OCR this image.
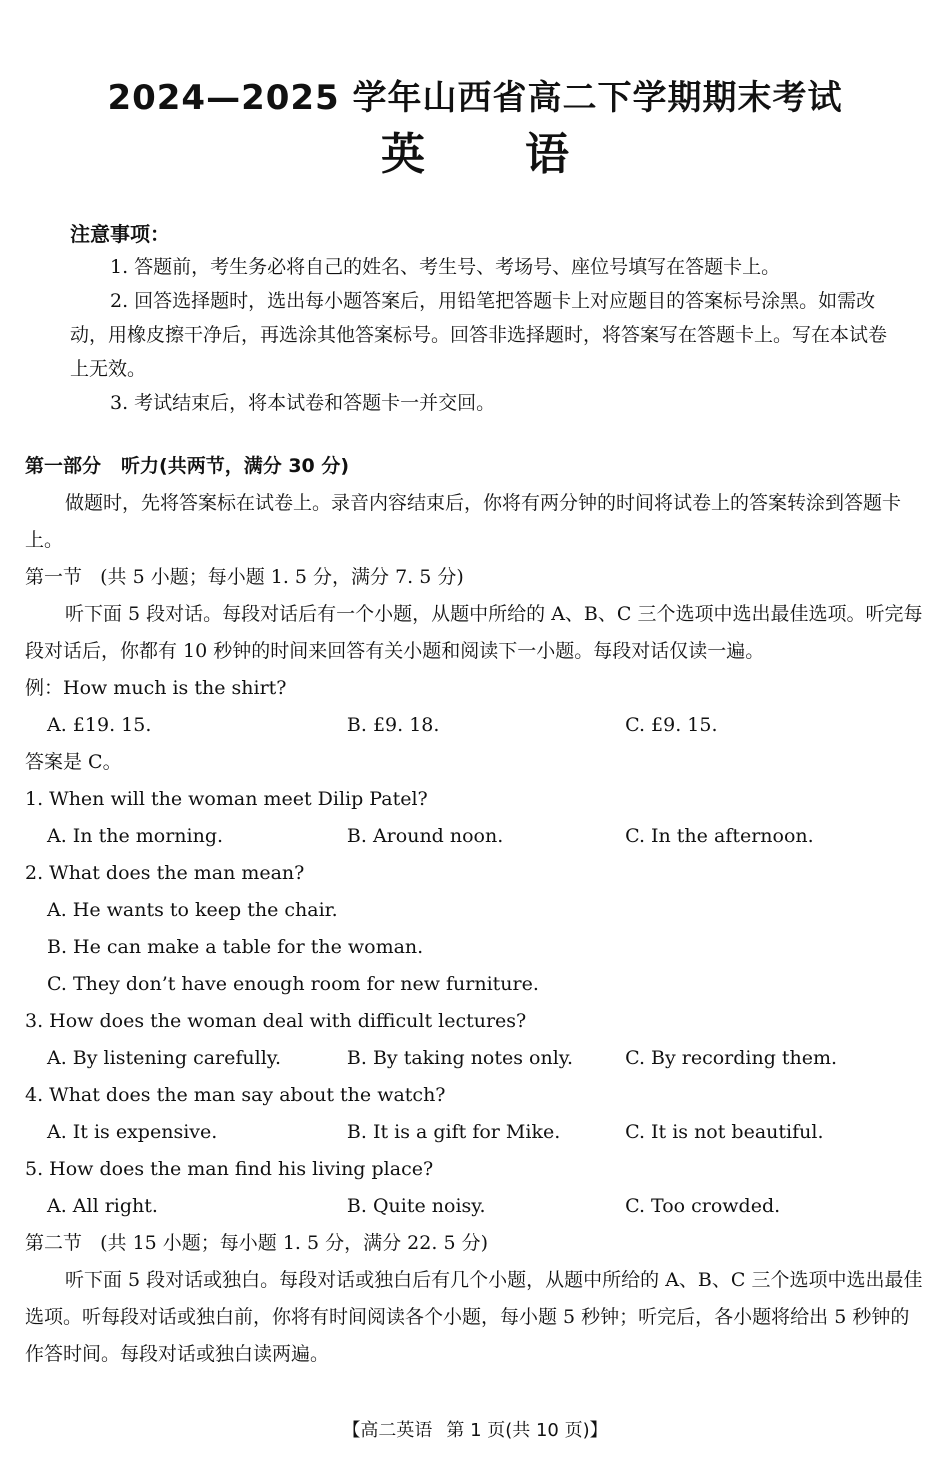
2024—2025 学年山西省高二下学期期末考试
英语
注意事项：

1. 答题前，考生务必将自己的姓名、考生号、考场号、座位号填写在答题卡上。

2. 回答选择题时，选出每小题答案后，用铅笔把答题卡上对应题目的答案标号涂黑。如需改动，用橡皮擦干净后，再选涂其他答案标号。回答非选择题时，将答案写在答题卡上。写在本试卷上无效。

3. 考试结束后，将本试卷和答题卡一并交回。

第一部分 听力(共两节，满分 30 分)

做题时，先将答案标在试卷上。录音内容结束后，你将有两分钟的时间将试卷上的答案转涂到答题卡上。

第一节 (共 5 小题；每小题 1. 5 分，满分 7. 5 分)

听下面 5 段对话。每段对话后有一个小题，从题中所给的 A、B、C 三个选项中选出最佳选项。听完每段对话后，你都有 10 秒钟的时间来回答有关小题和阅读下一小题。每段对话仅读一遍。

例：How much is the shirt?

A. £19. 15.	B. £9. 18.	C. £9. 15.

答案是 C。

1. When will the woman meet Dilip Patel?

A. In the morning.	B. Around noon.	C. In the afternoon.

2. What does the man mean?

A. He wants to keep the chair.

B. He can make a table for the woman.

C. They don’t have enough room for new furniture.

3. How does the woman deal with difficult lectures?

A. By listening carefully.	B. By taking notes only.	C. By recording them.

4. What does the man say about the watch?

A. It is expensive.	B. It is a gift for Mike.	C. It is not beautiful.

5. How does the man find his living place?

A. All right.	B. Quite noisy.	C. Too crowded.

第二节 (共 15 小题；每小题 1. 5 分，满分 22. 5 分)

听下面 5 段对话或独白。每段对话或独白后有几个小题，从题中所给的 A、B、C 三个选项中选出最佳选项。听每段对话或独白前，你将有时间阅读各个小题，每小题 5 秒钟；听完后，各小题将给出 5 秒钟的作答时间。每段对话或独白读两遍。

【高二英语 第 1 页(共 10 页)】
